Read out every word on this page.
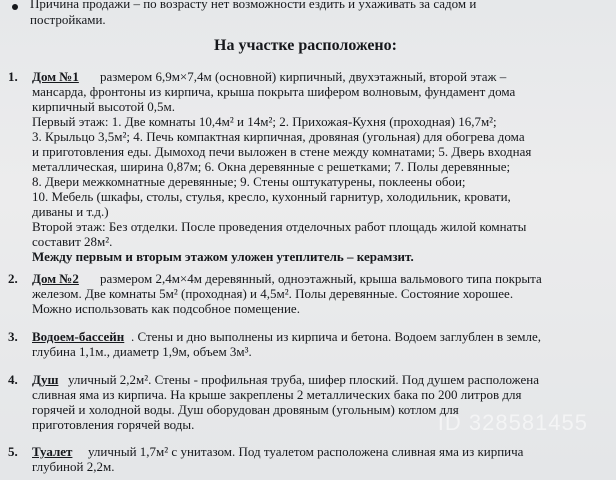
Причина продажи – по возрасту нет возможности ездить и ухаживать за садом и
постройками.
На участке расположено:
1. Дом №1 размером 6,9м×7,4м (основной) кирпичный, двухэтажный, второй этаж –
мансарда, фронтоны из кирпича, крыша покрыта шифером волновым, фундамент дома
кирпичный высотой 0,5м.
Первый этаж: 1. Две комнаты 10,4м² и 14м²; 2. Прихожая-Кухня (проходная) 16,7м²;
3. Крыльцо 3,5м²; 4. Печь компактная кирпичная, дровяная (угольная) для обогрева дома
и приготовления еды. Дымоход печи выложен в стене между комнатами; 5. Дверь входная
металлическая, ширина 0,87м; 6. Окна деревянные с решетками; 7. Полы деревянные;
8. Двери межкомнатные деревянные; 9. Стены оштукатурены, поклеены обои;
10. Мебель (шкафы, столы, стулья, кресло, кухонный гарнитур, холодильник, кровати,
диваны и т.д.)
Второй этаж: Без отделки. После проведения отделочных работ площадь жилой комнаты
составит 28м².
Между первым и вторым этажом уложен утеплитель – керамзит.
2. Дом №2 размером 2,4м×4м деревянный, одноэтажный, крыша вальмового типа покрыта
железом. Две комнаты 5м² (проходная) и 4,5м². Полы деревянные. Состояние хорошее.
Можно использовать как подсобное помещение.
3. Водоем-бассейн . Стены и дно выполнены из кирпича и бетона. Водоем заглублен в земле,
глубина 1,1м., диаметр 1,9м, объем 3м³.
4. Душ уличный 2,2м². Стены - профильная труба, шифер плоский. Под душем расположена
сливная яма из кирпича. На крыше закреплены 2 металлических бака по 200 литров для
горячей и холодной воды. Душ оборудован дровяным (угольным) котлом для
приготовления горячей воды.
5. Туалет уличный 1,7м² с унитазом. Под туалетом расположена сливная яма из кирпича
глубиной 2,2м.
ID 328581455
